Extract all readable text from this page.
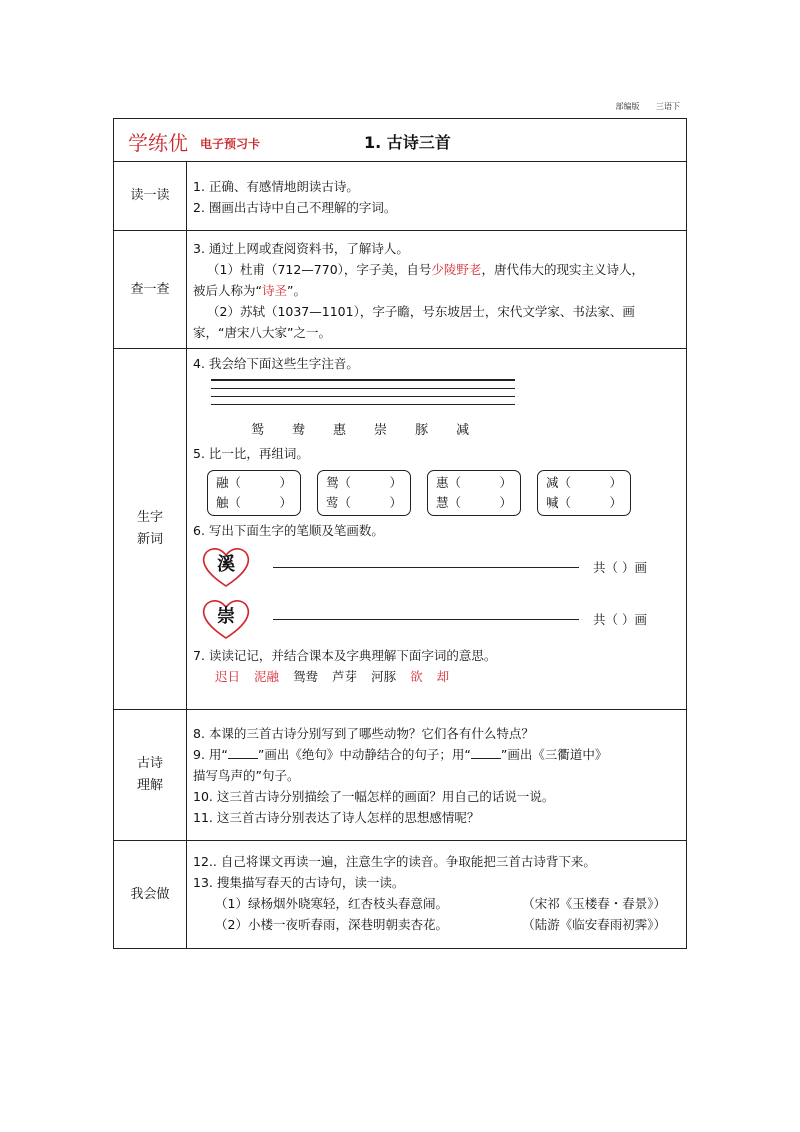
部编版 三语下
学练优 电子预习卡	1. 古诗三首
读一读
1. 正确、有感情地朗读古诗。
2. 圈画出古诗中自己不理解的字词。
查一查
3. 通过上网或查阅资料书，了解诗人。
（1）杜甫（712—770），字子美，自号少陵野老，唐代伟大的现实主义诗人，
被后人称为“诗圣”。
（2）苏轼（1037—1101），字子瞻，号东坡居士，宋代文学家、书法家、画
家，“唐宋八大家”之一。
生字
新词
4. 我会给下面这些生字注音。
鸳 鸯 惠 崇 豚 减
5. 比一比，再组词。
融（	）
触（	）
鸳（	）
莺（	）
惠（	）
慧（	）
减（	）
喊（	）
6. 写出下面生字的笔顺及笔画数。
溪	共（ ）画
崇	共（ ）画
7. 读读记记，并结合课本及字典理解下面字词的意思。
迟日 泥融 鸳鸯 芦芽 河豚 欲 却
古诗
理解
8. 本课的三首古诗分别写到了哪些动物？它们各有什么特点？
9. 用“ ”画出《绝句》中动静结合的句子；用“ ”画出《三衢道中》
描写鸟声的”句子。
10. 这三首古诗分别描绘了一幅怎样的画面？用自己的话说一说。
11. 这三首古诗分别表达了诗人怎样的思想感情呢？
我会做
12.. 自己将课文再读一遍，注意生字的读音。争取能把三首古诗背下来。
13. 搜集描写春天的古诗句，读一读。
（1）绿杨烟外晓寒轻，红杏枝头春意闹。	（宋祁《玉楼春・春景》）
（2）小楼一夜听春雨，深巷明朝卖杏花。	（陆游《临安春雨初霁》）
